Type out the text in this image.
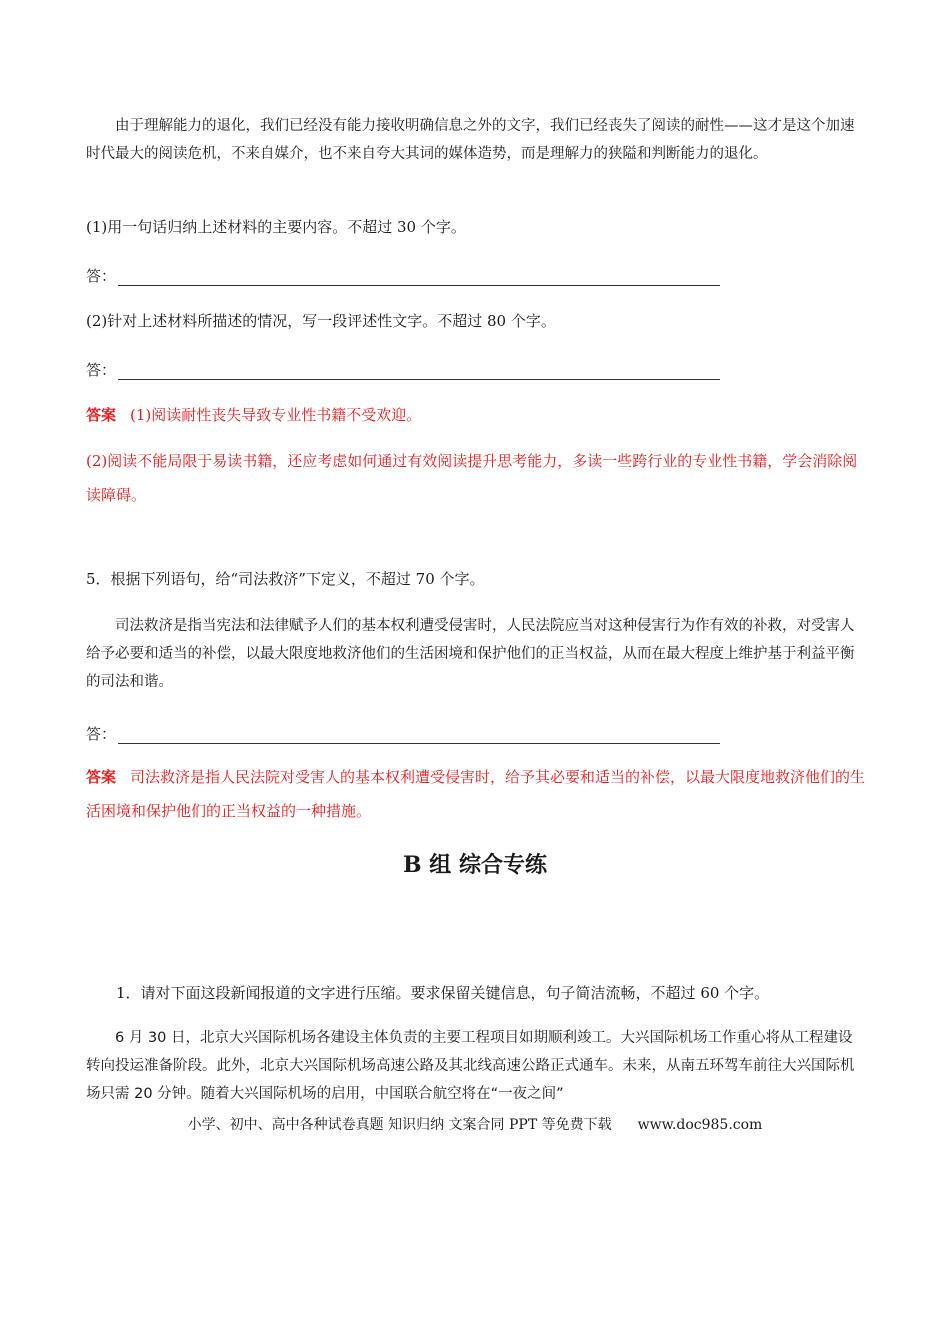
由于理解能力的退化，我们已经没有能力接收明确信息之外的文字，我们已经丧失了阅读的耐性——这才是这个加速时代最大的阅读危机，不来自媒介，也不来自夸大其词的媒体造势，而是理解力的狭隘和判断能力的退化。
(1)用一句话归纳上述材料的主要内容。不超过 30 个字。
答：
(2)针对上述材料所描述的情况，写一段评述性文字。不超过 80 个字。
答：
答案 (1)阅读耐性丧失导致专业性书籍不受欢迎。
(2)阅读不能局限于易读书籍，还应考虑如何通过有效阅读提升思考能力，多读一些跨行业的专业性书籍，学会消除阅读障碍。
5．根据下列语句，给“司法救济”下定义，不超过 70 个字。
司法救济是指当宪法和法律赋予人们的基本权利遭受侵害时，人民法院应当对这种侵害行为作有效的补救，对受害人给予必要和适当的补偿，以最大限度地救济他们的生活困境和保护他们的正当权益，从而在最大程度上维护基于利益平衡的司法和谐。
答：
答案 司法救济是指人民法院对受害人的基本权利遭受侵害时，给予其必要和适当的补偿，以最大限度地救济他们的生活困境和保护他们的正当权益的一种措施。
B 组 综合专练
1．请对下面这段新闻报道的文字进行压缩。要求保留关键信息，句子简洁流畅，不超过 60 个字。
6 月 30 日，北京大兴国际机场各建设主体负责的主要工程项目如期顺利竣工。大兴国际机场工作重心将从工程建设转向投运准备阶段。此外，北京大兴国际机场高速公路及其北线高速公路正式通车。未来，从南五环驾车前往大兴国际机场只需 20 分钟。随着大兴国际机场的启用，中国联合航空将在“一夜之间”
小学、初中、高中各种试卷真题 知识归纳 文案合同 PPT 等免费下载 www.doc985.com
